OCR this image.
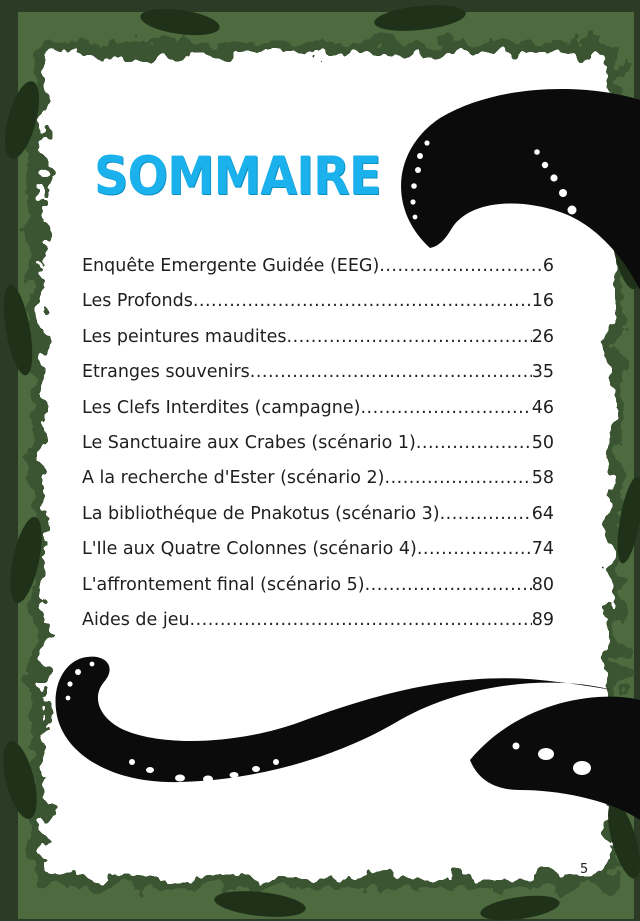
SOMMAIRE
Enquête Emergente Guidée (EEG) .....	6
Les Profonds .....	16
Les peintures maudites .....	26
Etranges souvenirs .....	35
Les Clefs Interdites (campagne) .....	46
Le Sanctuaire aux Crabes (scénario 1) .....	50
A la recherche d'Ester (scénario 2) .....	58
La bibliothéque de Pnakotus (scénario 3) .....	64
L'Ile aux Quatre Colonnes (scénario 4) .....	74
L'affrontement final (scénario 5) .....	80
Aides de jeu .....	89

5
